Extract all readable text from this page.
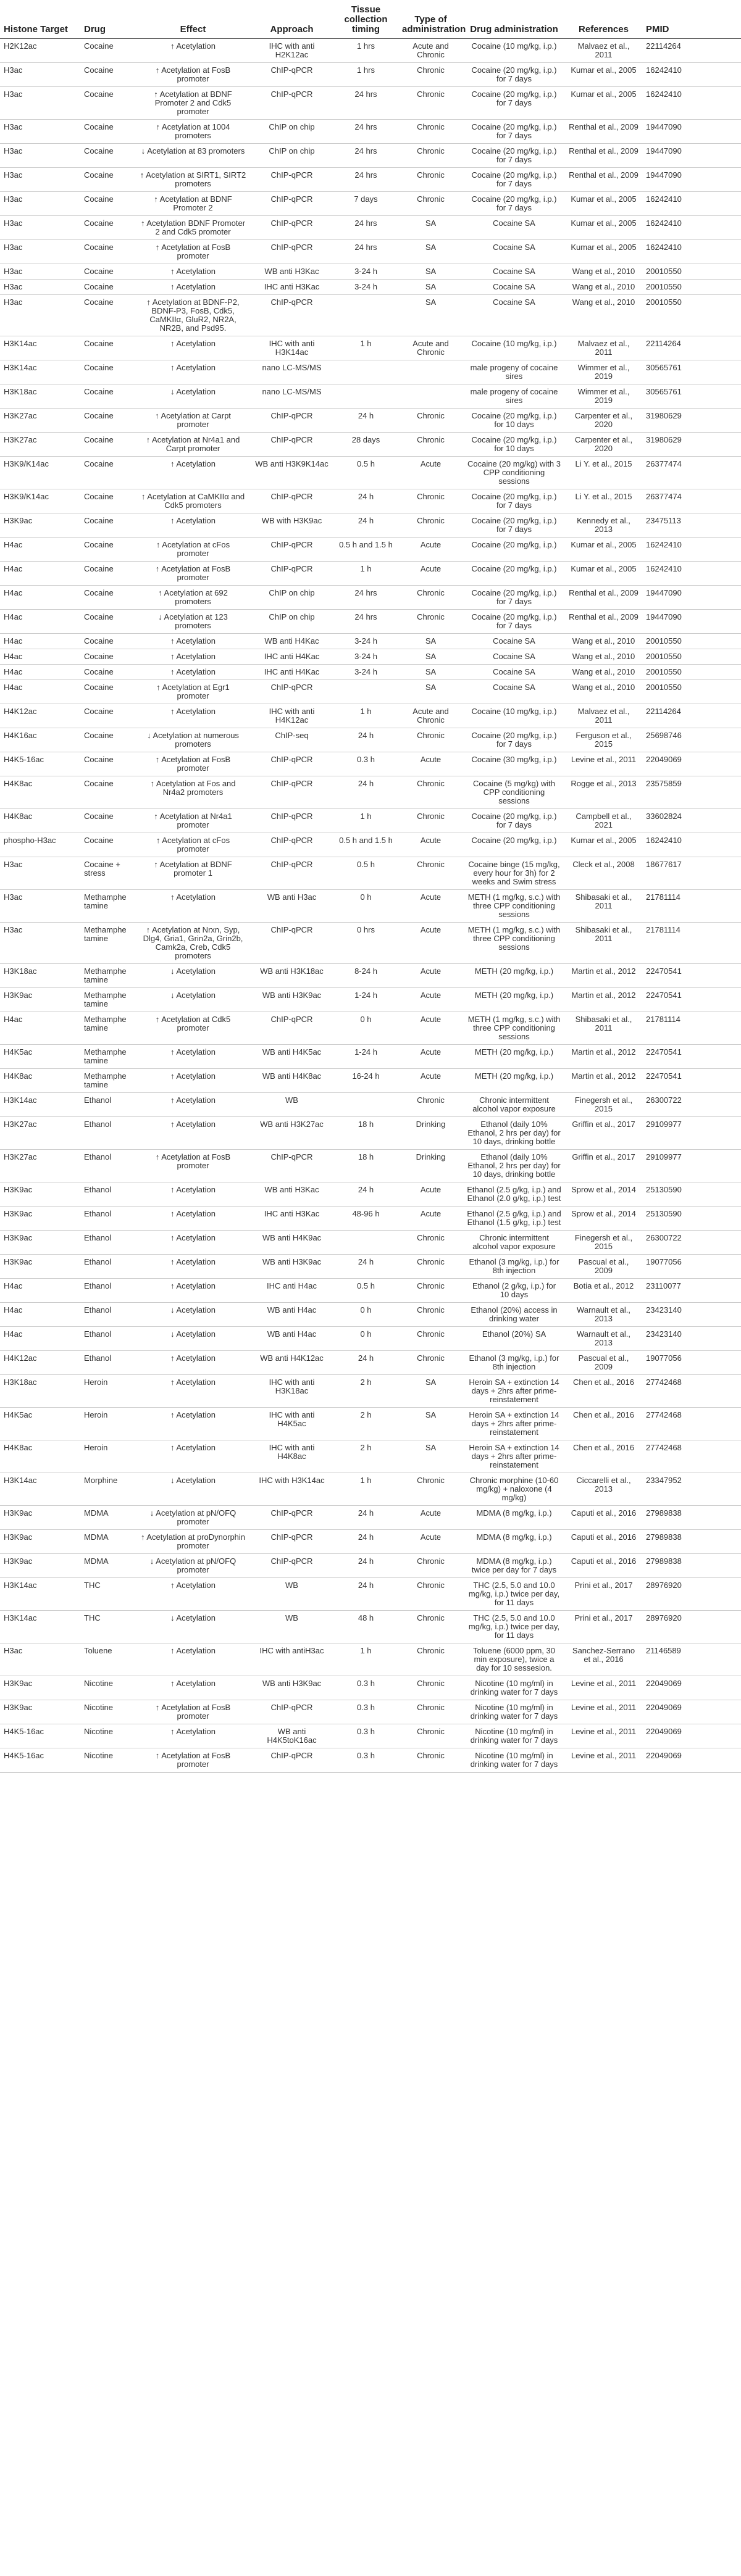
Histone Target	Drug	Effect	Approach	Tissue collection timing	Type of administration	Drug administration	References	PMID
H2K12ac	Cocaine	↑ Acetylation	IHC with anti H2K12ac	1 hrs	Acute and Chronic	Cocaine (10 mg/kg, i.p.)	Malvaez et al., 2011	22114264
H3ac	Cocaine	↑ Acetylation at FosB promoter	ChIP-qPCR	1 hrs	Chronic	Cocaine (20 mg/kg, i.p.) for 7 days	Kumar et al., 2005	16242410
H3ac	Cocaine	↑ Acetylation at BDNF Promoter 2 and Cdk5 promoter	ChIP-qPCR	24 hrs	Chronic	Cocaine (20 mg/kg, i.p.) for 7 days	Kumar et al., 2005	16242410
H3ac	Cocaine	↑ Acetylation at 1004 promoters	ChIP on chip	24 hrs	Chronic	Cocaine (20 mg/kg, i.p.) for 7 days	Renthal et al., 2009	19447090
H3ac	Cocaine	↓ Acetylation at 83 promoters	ChIP on chip	24 hrs	Chronic	Cocaine (20 mg/kg, i.p.) for 7 days	Renthal et al., 2009	19447090
H3ac	Cocaine	↑ Acetylation at SIRT1, SIRT2 promoters	ChIP-qPCR	24 hrs	Chronic	Cocaine (20 mg/kg, i.p.) for 7 days	Renthal et al., 2009	19447090
H3ac	Cocaine	↑ Acetylation at BDNF Promoter 2	ChIP-qPCR	7 days	Chronic	Cocaine (20 mg/kg, i.p.) for 7 days	Kumar et al., 2005	16242410
H3ac	Cocaine	↑ Acetylation BDNF Promoter 2 and Cdk5 promoter	ChIP-qPCR	24 hrs	SA	Cocaine SA	Kumar et al., 2005	16242410
H3ac	Cocaine	↑ Acetylation at FosB promoter	ChIP-qPCR	24 hrs	SA	Cocaine SA	Kumar et al., 2005	16242410
H3ac	Cocaine	↑ Acetylation	WB anti H3Kac	3-24 h	SA	Cocaine SA	Wang et al., 2010	20010550
H3ac	Cocaine	↑ Acetylation	IHC anti H3Kac	3-24 h	SA	Cocaine SA	Wang et al., 2010	20010550
H3ac	Cocaine	↑ Acetylation at BDNF-P2, BDNF-P3, FosB, Cdk5, CaMKIIα, GluR2, NR2A, NR2B, and Psd95.	ChIP-qPCR		SA	Cocaine SA	Wang et al., 2010	20010550
H3K14ac	Cocaine	↑ Acetylation	IHC with anti H3K14ac	1 h	Acute and Chronic	Cocaine (10 mg/kg, i.p.)	Malvaez et al., 2011	22114264
H3K14ac	Cocaine	↑ Acetylation	nano LC-MS/MS			male progeny of cocaine sires	Wimmer et al., 2019	30565761
H3K18ac	Cocaine	↓ Acetylation	nano LC-MS/MS			male progeny of cocaine sires	Wimmer et al., 2019	30565761
H3K27ac	Cocaine	↑ Acetylation at Carpt promoter	ChIP-qPCR	24 h	Chronic	Cocaine (20 mg/kg, i.p.) for 10 days	Carpenter et al., 2020	31980629
H3K27ac	Cocaine	↑ Acetylation at Nr4a1 and Carpt promoter	ChIP-qPCR	28 days	Chronic	Cocaine (20 mg/kg, i.p.) for 10 days	Carpenter et al., 2020	31980629
H3K9/K14ac	Cocaine	↑ Acetylation	WB anti H3K9K14ac	0.5 h	Acute	Cocaine (20 mg/kg) with 3 CPP conditioning sessions	Li Y. et al., 2015	26377474
H3K9/K14ac	Cocaine	↑ Acetylation at CaMKIIα and Cdk5 promoters	ChIP-qPCR	24 h	Chronic	Cocaine (20 mg/kg, i.p.) for 7 days	Li Y. et al., 2015	26377474
H3K9ac	Cocaine	↑ Acetylation	WB with H3K9ac	24 h	Chronic	Cocaine (20 mg/kg, i.p.) for 7 days	Kennedy et al., 2013	23475113
H4ac	Cocaine	↑ Acetylation at cFos promoter	ChIP-qPCR	0.5 h and 1.5 h	Acute	Cocaine (20 mg/kg, i.p.)	Kumar et al., 2005	16242410
H4ac	Cocaine	↑ Acetylation at FosB promoter	ChIP-qPCR	1 h	Acute	Cocaine (20 mg/kg, i.p.)	Kumar et al., 2005	16242410
H4ac	Cocaine	↑ Acetylation at 692 promoters	ChIP on chip	24 hrs	Chronic	Cocaine (20 mg/kg, i.p.) for 7 days	Renthal et al., 2009	19447090
H4ac	Cocaine	↓ Acetylation at 123 promoters	ChIP on chip	24 hrs	Chronic	Cocaine (20 mg/kg, i.p.) for 7 days	Renthal et al., 2009	19447090
H4ac	Cocaine	↑ Acetylation	WB anti H4Kac	3-24 h	SA	Cocaine SA	Wang et al., 2010	20010550
H4ac	Cocaine	↑ Acetylation	IHC anti H4Kac	3-24 h	SA	Cocaine SA	Wang et al., 2010	20010550
H4ac	Cocaine	↑ Acetylation	IHC anti H4Kac	3-24 h	SA	Cocaine SA	Wang et al., 2010	20010550
H4ac	Cocaine	↑ Acetylation at Egr1 promoter	ChIP-qPCR		SA	Cocaine SA	Wang et al., 2010	20010550
H4K12ac	Cocaine	↑ Acetylation	IHC with anti H4K12ac	1 h	Acute and Chronic	Cocaine (10 mg/kg, i.p.)	Malvaez et al., 2011	22114264
H4K16ac	Cocaine	↓ Acetylation at numerous promoters	ChIP-seq	24 h	Chronic	Cocaine (20 mg/kg, i.p.) for 7 days	Ferguson et al., 2015	25698746
H4K5-16ac	Cocaine	↑ Acetylation at FosB promoter	ChIP-qPCR	0.3 h	Acute	Cocaine (30 mg/kg, i.p.)	Levine et al., 2011	22049069
H4K8ac	Cocaine	↑ Acetylation at Fos and Nr4a2 promoters	ChIP-qPCR	24 h	Chronic	Cocaine (5 mg/kg) with CPP conditioning sessions	Rogge et al., 2013	23575859
H4K8ac	Cocaine	↑ Acetylation at Nr4a1 promoter	ChIP-qPCR	1 h	Chronic	Cocaine (20 mg/kg, i.p.) for 7 days	Campbell et al., 2021	33602824
phospho-H3ac	Cocaine	↑ Acetylation at cFos promoter	ChIP-qPCR	0.5 h and 1.5 h	Acute	Cocaine (20 mg/kg, i.p.)	Kumar et al., 2005	16242410
H3ac	Cocaine + stress	↑ Acetylation at BDNF promoter 1	ChIP-qPCR	0.5 h	Chronic	Cocaine binge (15 mg/kg, every hour for 3h) for 2 weeks and Swim stress	Cleck et al., 2008	18677617
H3ac	Methamphe tamine	↑ Acetylation	WB anti H3ac	0 h	Acute	METH (1 mg/kg, s.c.) with three CPP conditioning sessions	Shibasaki et al., 2011	21781114
H3ac	Methamphe tamine	↑ Acetylation at Nrxn, Syp, Dlg4, Gria1, Grin2a, Grin2b, Camk2a, Creb, Cdk5 promoters	ChIP-qPCR	0 hrs	Acute	METH (1 mg/kg, s.c.) with three CPP conditioning sessions	Shibasaki et al., 2011	21781114
H3K18ac	Methamphe tamine	↓ Acetylation	WB anti H3K18ac	8-24 h	Acute	METH (20 mg/kg, i.p.)	Martin et al., 2012	22470541
H3K9ac	Methamphe tamine	↓ Acetylation	WB anti H3K9ac	1-24 h	Acute	METH (20 mg/kg, i.p.)	Martin et al., 2012	22470541
H4ac	Methamphe tamine	↑ Acetylation at Cdk5 promoter	ChIP-qPCR	0 h	Acute	METH (1 mg/kg, s.c.) with three CPP conditioning sessions	Shibasaki et al., 2011	21781114
H4K5ac	Methamphe tamine	↑ Acetylation	WB anti H4K5ac	1-24 h	Acute	METH (20 mg/kg, i.p.)	Martin et al., 2012	22470541
H4K8ac	Methamphe tamine	↑ Acetylation	WB anti H4K8ac	16-24 h	Acute	METH (20 mg/kg, i.p.)	Martin et al., 2012	22470541
H3K14ac	Ethanol	↑ Acetylation	WB		Chronic	Chronic intermittent alcohol vapor exposure	Finegersh et al., 2015	26300722
H3K27ac	Ethanol	↑ Acetylation	WB anti H3K27ac	18 h	Drinking	Ethanol (daily 10% Ethanol, 2 hrs per day) for 10 days, drinking bottle	Griffin et al., 2017	29109977
H3K27ac	Ethanol	↑ Acetylation at FosB promoter	ChIP-qPCR	18 h	Drinking	Ethanol (daily 10% Ethanol, 2 hrs per day) for 10 days, drinking bottle	Griffin et al., 2017	29109977
H3K9ac	Ethanol	↑ Acetylation	WB anti H3Kac	24 h	Acute	Ethanol (2.5 g/kg, i.p.) and Ethanol (2.0 g/kg, i.p.) test	Sprow et al., 2014	25130590
H3K9ac	Ethanol	↑ Acetylation	IHC anti H3Kac	48-96 h	Acute	Ethanol (2.5 g/kg, i.p.) and Ethanol (1.5 g/kg, i.p.) test	Sprow et al., 2014	25130590
H3K9ac	Ethanol	↑ Acetylation	WB anti H4K9ac		Chronic	Chronic intermittent alcohol vapor exposure	Finegersh et al., 2015	26300722
H3K9ac	Ethanol	↑ Acetylation	WB anti H3K9ac	24 h	Chronic	Ethanol (3 mg/kg, i.p.) for 8th injection	Pascual et al., 2009	19077056
H4ac	Ethanol	↑ Acetylation	IHC anti H4ac	0.5 h	Chronic	Ethanol (2 g/kg, i.p.) for 10 days	Botia et al., 2012	23110077
H4ac	Ethanol	↓ Acetylation	WB anti H4ac	0 h	Chronic	Ethanol (20%) access in drinking water	Warnault et al., 2013	23423140
H4ac	Ethanol	↓ Acetylation	WB anti H4ac	0 h	Chronic	Ethanol (20%) SA	Warnault et al., 2013	23423140
H4K12ac	Ethanol	↑ Acetylation	WB anti H4K12ac	24 h	Chronic	Ethanol (3 mg/kg, i.p.) for 8th injection	Pascual et al., 2009	19077056
H3K18ac	Heroin	↑ Acetylation	IHC with anti H3K18ac	2 h	SA	Heroin SA + extinction 14 days + 2hrs after prime-reinstatement	Chen et al., 2016	27742468
H4K5ac	Heroin	↑ Acetylation	IHC with anti H4K5ac	2 h	SA	Heroin SA + extinction 14 days + 2hrs after prime-reinstatement	Chen et al., 2016	27742468
H4K8ac	Heroin	↑ Acetylation	IHC with anti H4K8ac	2 h	SA	Heroin SA + extinction 14 days + 2hrs after prime-reinstatement	Chen et al., 2016	27742468
H3K14ac	Morphine	↓ Acetylation	IHC with H3K14ac	1 h	Chronic	Chronic morphine (10-60 mg/kg) + naloxone (4 mg/kg)	Ciccarelli et al., 2013	23347952
H3K9ac	MDMA	↓ Acetylation at pN/OFQ promoter	ChIP-qPCR	24 h	Acute	MDMA (8 mg/kg, i.p.)	Caputi et al., 2016	27989838
H3K9ac	MDMA	↑ Acetylation at proDynorphin promoter	ChIP-qPCR	24 h	Acute	MDMA (8 mg/kg, i.p.)	Caputi et al., 2016	27989838
H3K9ac	MDMA	↓ Acetylation at pN/OFQ promoter	ChIP-qPCR	24 h	Chronic	MDMA (8 mg/kg, i.p.) twice per day for 7 days	Caputi et al., 2016	27989838
H3K14ac	THC	↑ Acetylation	WB	24 h	Chronic	THC (2.5, 5.0 and 10.0 mg/kg, i.p.) twice per day, for 11 days	Prini et al., 2017	28976920
H3K14ac	THC	↓ Acetylation	WB	48 h	Chronic	THC (2.5, 5.0 and 10.0 mg/kg, i.p.) twice per day, for 11 days	Prini et al., 2017	28976920
H3ac	Toluene	↑ Acetylation	IHC with antiH3ac	1 h	Chronic	Toluene (6000 ppm, 30 min exposure), twice a day for 10 sessesion.	Sanchez-Serrano et al., 2016	21146589
H3K9ac	Nicotine	↑ Acetylation	WB anti H3K9ac	0.3 h	Chronic	Nicotine (10 mg/ml) in drinking water for 7 days	Levine et al., 2011	22049069
H3K9ac	Nicotine	↑ Acetylation at FosB promoter	ChIP-qPCR	0.3 h	Chronic	Nicotine (10 mg/ml) in drinking water for 7 days	Levine et al., 2011	22049069
H4K5-16ac	Nicotine	↑ Acetylation	WB anti H4K5toK16ac	0.3 h	Chronic	Nicotine (10 mg/ml) in drinking water for 7 days	Levine et al., 2011	22049069
H4K5-16ac	Nicotine	↑ Acetylation at FosB promoter	ChIP-qPCR	0.3 h	Chronic	Nicotine (10 mg/ml) in drinking water for 7 days	Levine et al., 2011	22049069
